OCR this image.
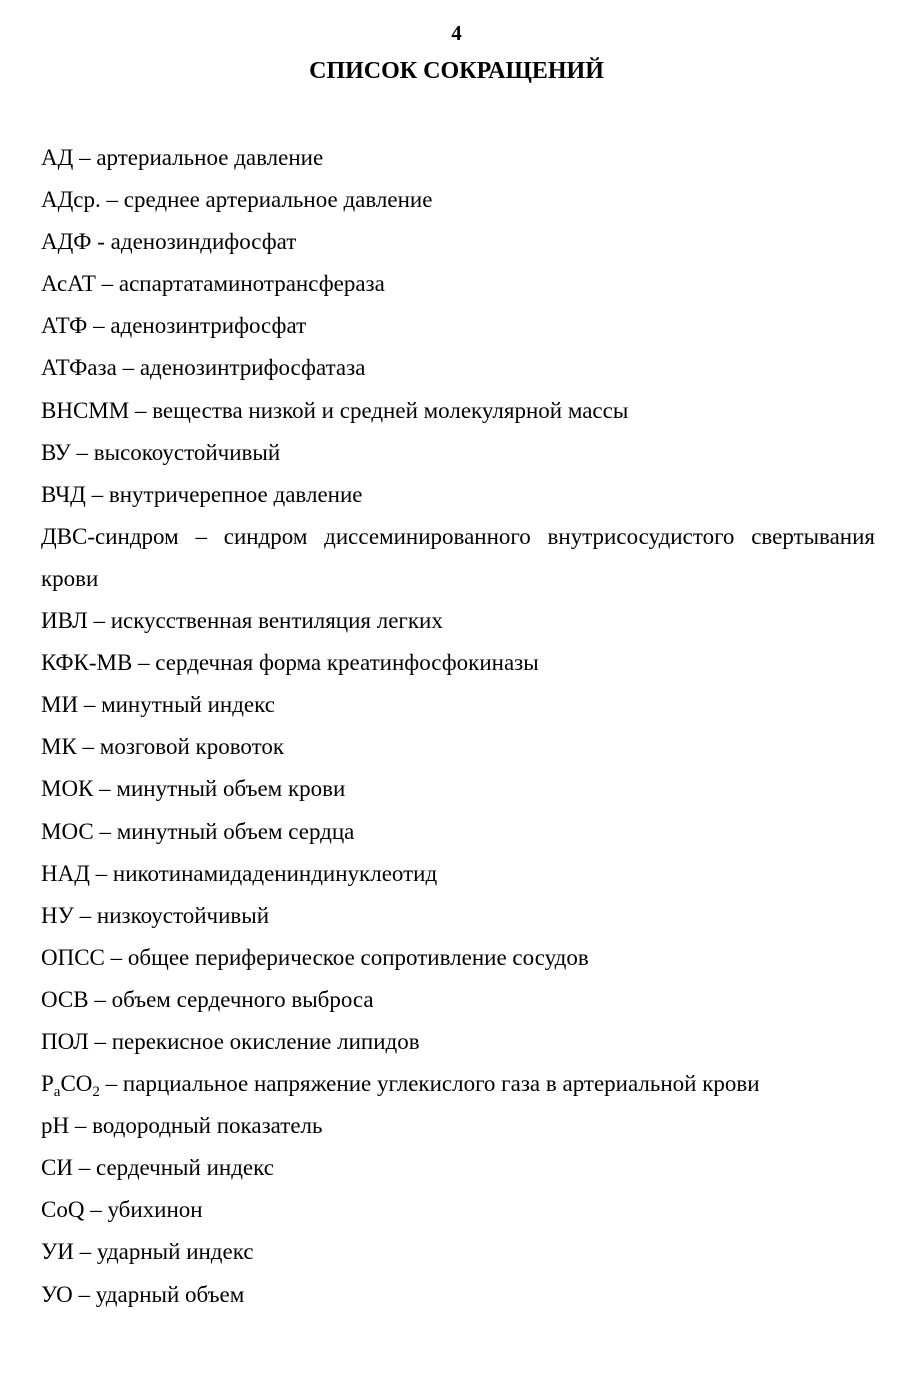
4
СПИСОК СОКРАЩЕНИЙ
АД – артериальное давление
АДср. – среднее артериальное давление
АДФ - аденозиндифосфат
АсАТ – аспартатаминотрансфераза
АТФ – аденозинтрифосфат
АТФаза – аденозинтрифосфатаза
ВНСММ – вещества низкой и средней молекулярной массы
ВУ – высокоустойчивый
ВЧД – внутричерепное давление
ДВС-синдром – синдром диссеминированного внутрисосудистого свертывания крови
ИВЛ – искусственная вентиляция легких
КФК-МВ – сердечная форма креатинфосфокиназы
МИ – минутный индекс
МК – мозговой кровоток
МОК – минутный объем крови
МОС – минутный объем сердца
НАД – никотинамидадениндинуклеотид
НУ – низкоустойчивый
ОПСС – общее периферическое сопротивление сосудов
ОСВ – объем сердечного выброса
ПОЛ – перекисное окисление липидов
$P_aCO_2$ – парциальное напряжение углекислого газа в артериальной крови
pH – водородный показатель
СИ – сердечный индекс
CoQ – убихинон
УИ – ударный индекс
УО – ударный объем
